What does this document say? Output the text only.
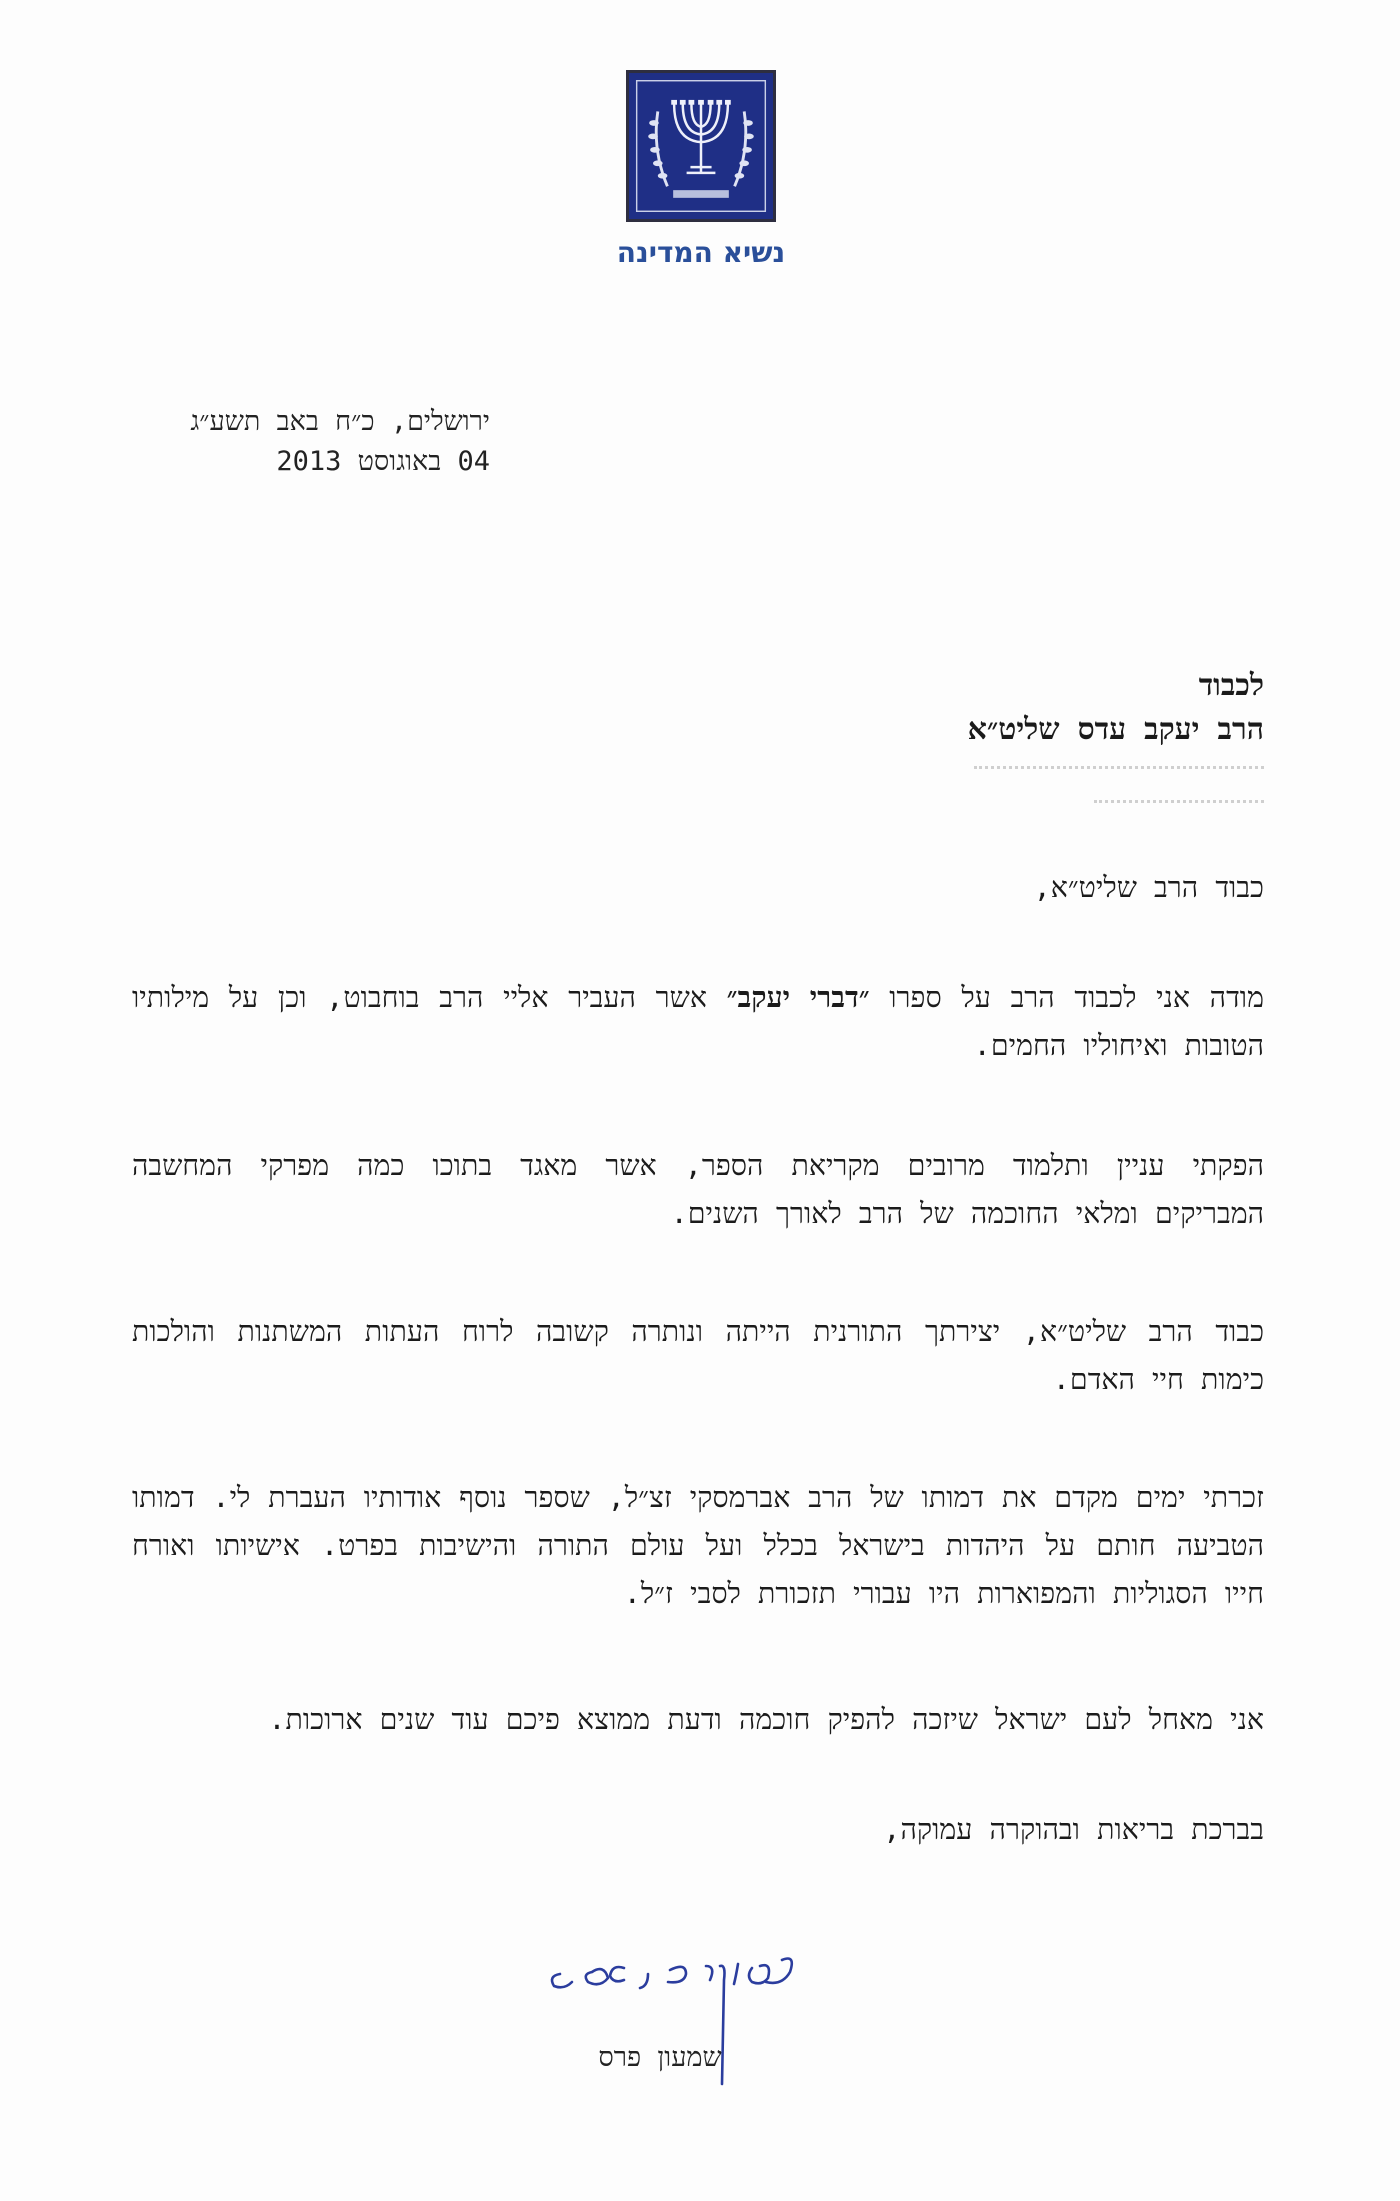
נשיא המדינה
ירושלים, כ״ח באב תשע״ג
04 באוגוסט 2013
לכבוד
הרב יעקב עדס שליט״א
כבוד הרב שליט״א,
מודה אני לכבוד הרב על ספרו ״דברי יעקב״ אשר העביר אליי הרב בוחבוט, וכן על מילותיו הטובות ואיחוליו החמים.
הפקתי עניין ותלמוד מרובים מקריאת הספר, אשר מאגד בתוכו כמה מפרקי המחשבה המבריקים ומלאי החוכמה של הרב לאורך השנים.
כבוד הרב שליט״א, יצירתך התורנית הייתה ונותרה קשובה לרוח העתות המשתנות והולכות כימות חיי האדם.
זכרתי ימים מקדם את דמותו של הרב אברמסקי זצ״ל, שספר נוסף אודותיו העברת לי. דמותו הטביעה חותם על היהדות בישראל בכלל ועל עולם התורה והישיבות בפרט. אישיותו ואורח חייו הסגוליות והמפוארות היו עבורי תזכורת לסבי ז״ל.
אני מאחל לעם ישראל שיזכה להפיק חוכמה ודעת ממוצא פיכם עוד שנים ארוכות.
בברכת בריאות ובהוקרה עמוקה,
שמעון פרס
